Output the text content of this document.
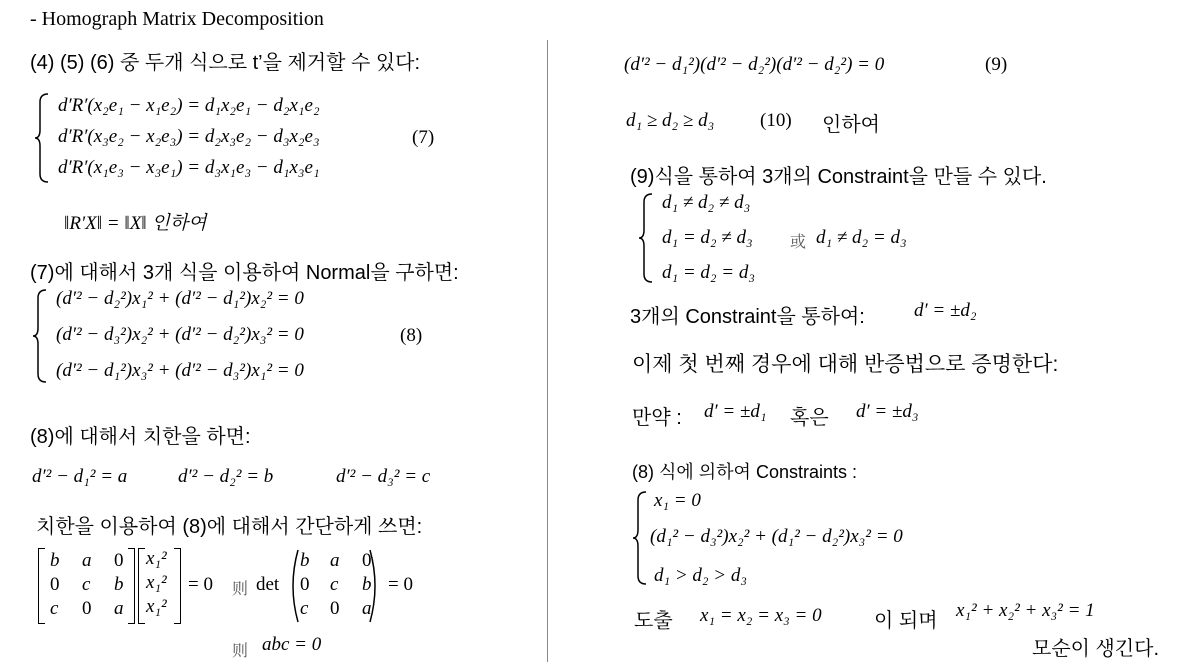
- Homograph Matrix Decomposition
(4) (5) (6) 중 두개 식으로 t’을 제거할 수 있다:
d′R′(x₂e₁ − x₁e₂) = d₁x₂e₁ − d₂x₁e₂
d′R′(x₃e₂ − x₂e₃) = d₂x₃e₂ − d₃x₂e₃
d′R′(x₁e₃ − x₃e₁) = d₃x₁e₃ − d₁x₃e₁
(7)
‖R′X‖ = ‖X‖ 인하여
(7)에 대해서 3개 식을 이용하여 Normal을 구하면:
(d′² − d₂²)x₁² + (d′² − d₁²)x₂² = 0
(d′² − d₃²)x₂² + (d′² − d₂²)x₃² = 0
(d′² − d₁²)x₃² + (d′² − d₃²)x₁² = 0
(8)
(8)에 대해서 치한을 하면:
d′² − d₁² = a	d′² − d₂² = b	d′² − d₃² = c
치한을 이용하여 (8)에 대해서 간단하게 쓰면:
b a 0
0 c b
c 0 a
x₁²
x₁²
x₁²
= 0 则 det
b a 0
0 c b
c 0 a
= 0
则 abc = 0
(d′² − d₁²)(d′² − d₂²)(d′² − d₂²) = 0	(9)
d₁ ≥ d₂ ≥ d₃ (10) 인하여
(9)식을 통하여 3개의 Constraint을 만들 수 있다.
d₁ ≠ d₂ ≠ d₃
d₁ = d₂ ≠ d₃ 或 d₁ ≠ d₂ = d₃
d₁ = d₂ = d₃
3개의 Constraint을 통하여:	d′ = ±d₂
이제 첫 번째 경우에 대해 반증법으로 증명한다:
만약 : d′ = ±d₁ 혹은 d′ = ±d₃
(8) 식에 의하여 Constraints :
x₁ = 0
(d₁² − d₃²)x₂² + (d₁² − d₂²)x₃² = 0
d₁ > d₂ > d₃
도출 x₁ = x₂ = x₃ = 0	이 되며 x₁² + x₂² + x₃² = 1
모순이 생긴다.
